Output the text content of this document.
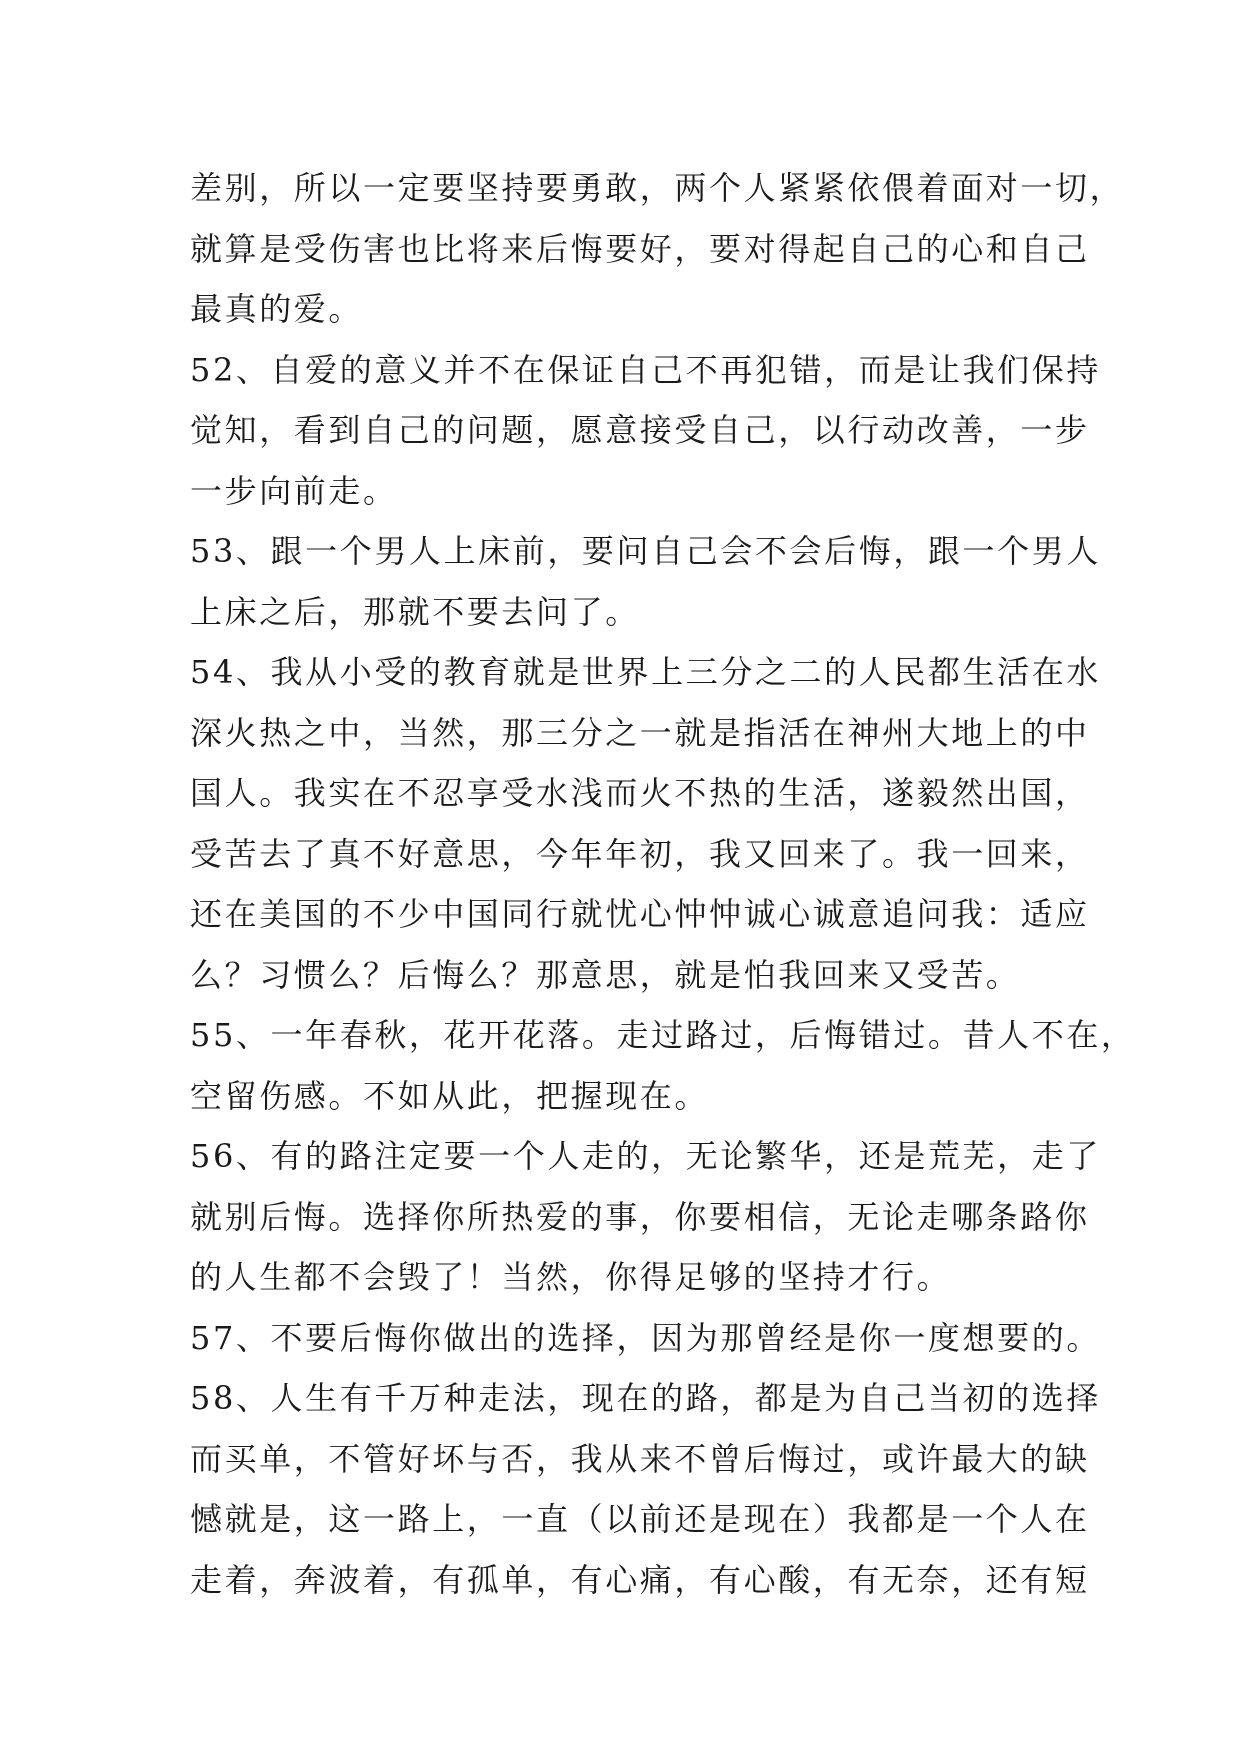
差别，所以一定要坚持要勇敢，两个人紧紧依偎着面对一切，
就算是受伤害也比将来后悔要好，要对得起自己的心和自己
最真的爱。
52、自爱的意义并不在保证自己不再犯错，而是让我们保持
觉知，看到自己的问题，愿意接受自己，以行动改善，一步
一步向前走。
53、跟一个男人上床前，要问自己会不会后悔，跟一个男人
上床之后，那就不要去问了。
54、我从小受的教育就是世界上三分之二的人民都生活在水
深火热之中，当然，那三分之一就是指活在神州大地上的中
国人。我实在不忍享受水浅而火不热的生活，遂毅然出国，
受苦去了真不好意思，今年年初，我又回来了。我一回来，
还在美国的不少中国同行就忧心忡忡诚心诚意追问我：适应
么？习惯么？后悔么？那意思，就是怕我回来又受苦。
55、一年春秋，花开花落。走过路过，后悔错过。昔人不在，
空留伤感。不如从此，把握现在。
56、有的路注定要一个人走的，无论繁华，还是荒芜，走了
就别后悔。选择你所热爱的事，你要相信，无论走哪条路你
的人生都不会毁了！当然，你得足够的坚持才行。
57、不要后悔你做出的选择，因为那曾经是你一度想要的。
58、人生有千万种走法，现在的路，都是为自己当初的选择
而买单，不管好坏与否，我从来不曾后悔过，或许最大的缺
憾就是，这一路上，一直（以前还是现在）我都是一个人在
走着，奔波着，有孤单，有心痛，有心酸，有无奈，还有短
